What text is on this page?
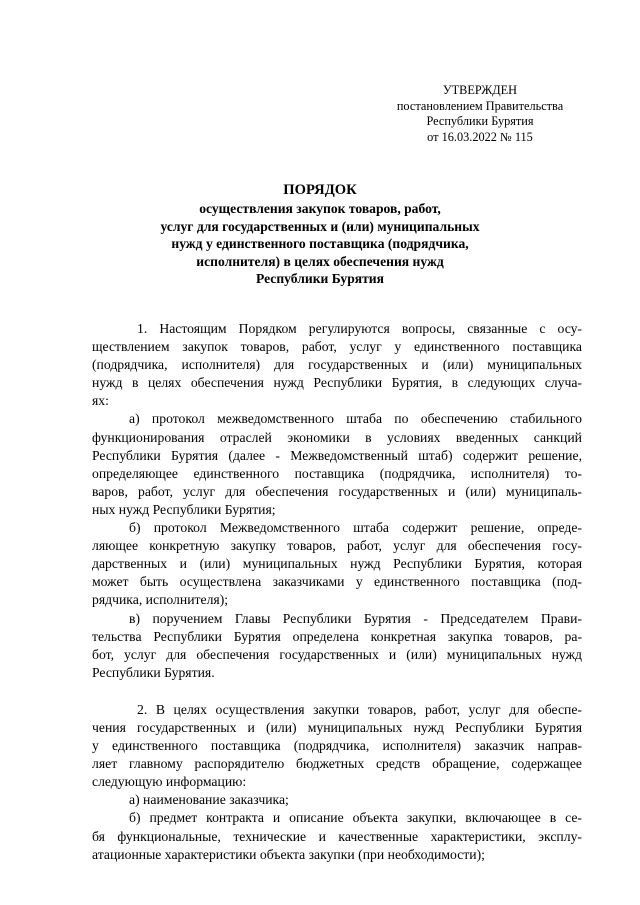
УТВЕРЖДЕН
постановлением Правительства
Республики Бурятия
от 16.03.2022 № 115
ПОРЯДОК
осуществления закупок товаров, работ,
услуг для государственных и (или) муниципальных
нужд у единственного поставщика (подрядчика,
исполнителя) в целях обеспечения нужд
Республики Бурятия
1. Настоящим Порядком регулируются вопросы, связанные с осу-
ществлением закупок товаров, работ, услуг у единственного поставщика
(подрядчика, исполнителя) для государственных и (или) муниципальных
нужд в целях обеспечения нужд Республики Бурятия, в следующих случа-
ях:
а) протокол межведомственного штаба по обеспечению стабильного
функционирования отраслей экономики в условиях введенных санкций
Республики Бурятия (далее - Межведомственный штаб) содержит решение,
определяющее единственного поставщика (подрядчика, исполнителя) то-
варов, работ, услуг для обеспечения государственных и (или) муниципаль-
ных нужд Республики Бурятия;
б) протокол Межведомственного штаба содержит решение, опреде-
ляющее конкретную закупку товаров, работ, услуг для обеспечения госу-
дарственных и (или) муниципальных нужд Республики Бурятия, которая
может быть осуществлена заказчиками у единственного поставщика (под-
рядчика, исполнителя);
в) поручением Главы Республики Бурятия - Председателем Прави-
тельства Республики Бурятия определена конкретная закупка товаров, ра-
бот, услуг для обеспечения государственных и (или) муниципальных нужд
Республики Бурятия.
2. В целях осуществления закупки товаров, работ, услуг для обеспе-
чения государственных и (или) муниципальных нужд Республики Бурятия
у единственного поставщика (подрядчика, исполнителя) заказчик направ-
ляет главному распорядителю бюджетных средств обращение, содержащее
следующую информацию:
а) наименование заказчика;
б) предмет контракта и описание объекта закупки, включающее в се-
бя функциональные, технические и качественные характеристики, эксплу-
атационные характеристики объекта закупки (при необходимости);
